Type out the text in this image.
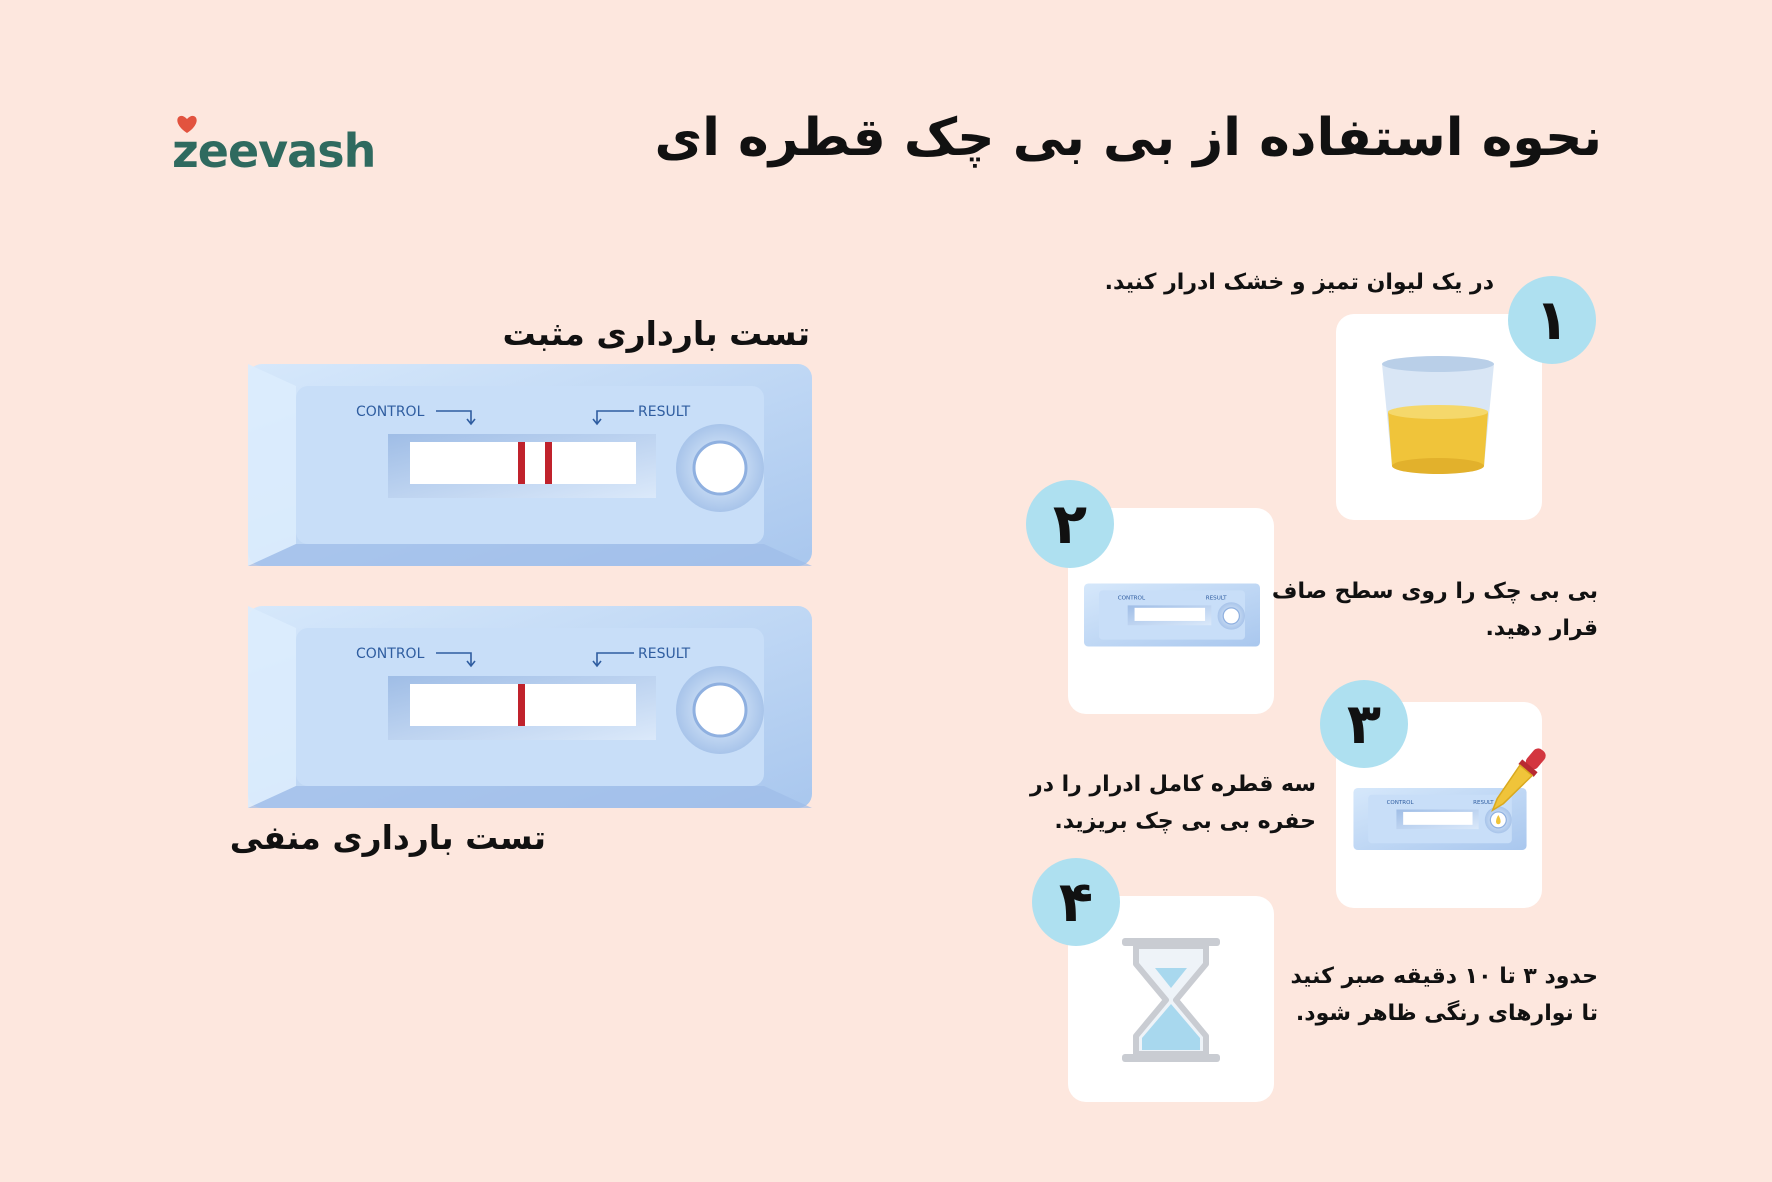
نحوه استفاده از بی بی چک قطره ای
zeevash
تست بارداری مثبت
CONTROL	RESULT
CONTROL	RESULT
تست بارداری منفی
۱
در یک لیوان تمیز و خشک ادرار کنید.
CONTROL	RESULT
۲
بی بی چک را روی سطح صاف
قرار دهید.
CONTROL	RESULT
۳
سه قطره کامل ادرار را در
حفره بی بی چک بریزید.
۴
حدود ۳ تا ۱۰ دقیقه صبر کنید
تا نوارهای رنگی ظاهر شود.
